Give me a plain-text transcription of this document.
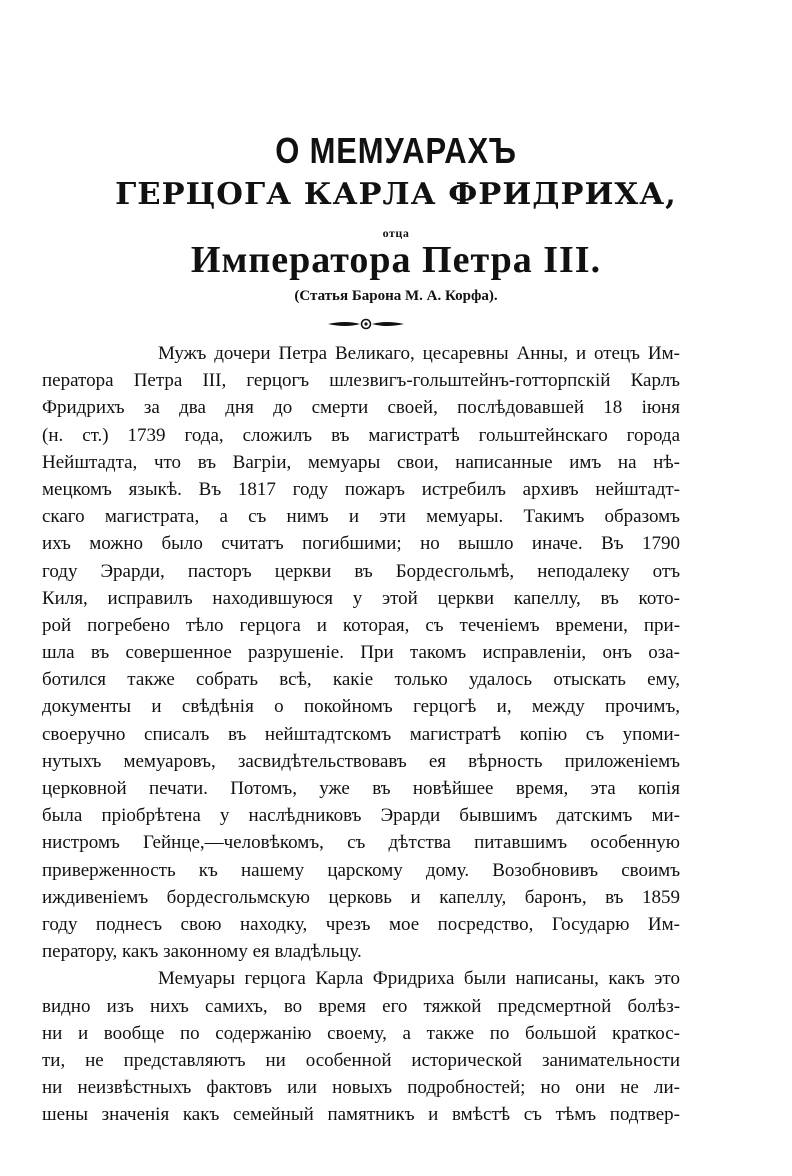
О МЕМУАРАХЪ
ГЕРЦОГА КАРЛА ФРИДРИХА,
отца
Императора Петра III.
(Статья Барона М. А. Корфа).
Мужъ дочери Петра Великаго, цесаревны Анны, и отецъ Им-
ператора Петра III, герцогъ шлезвигъ-гольштейнъ-готторпскій Карлъ
Фридрихъ за два дня до смерти своей, послѣдовавшей 18 іюня
(н. ст.) 1739 года, сложилъ въ магистратѣ гольштейнскаго города
Нейштадта, что въ Вагріи, мемуары свои, написанные имъ на нѣ-
мецкомъ языкѣ. Въ 1817 году пожаръ истребилъ архивъ нейштадт-
скаго магистрата, а съ нимъ и эти мемуары. Такимъ образомъ
ихъ можно было считатъ погибшими; но вышло иначе. Въ 1790
году Эрарди, пасторъ церкви въ Бордесгольмѣ, неподалеку отъ
Киля, исправилъ находившуюся у этой церкви капеллу, въ кото-
рой погребено тѣло герцога и которая, съ теченіемъ времени, при-
шла въ совершенное разрушеніе. При такомъ исправленіи, онъ оза-
ботился также собрать всѣ, какіе только удалось отыскать ему,
документы и свѣдѣнія о покойномъ герцогѣ и, между прочимъ,
своеручно списалъ въ нейштадтскомъ магистратѣ копію съ упоми-
нутыхъ мемуаровъ, засвидѣтельствовавъ ея вѣрность приложеніемъ
церковной печати. Потомъ, уже въ новѣйшее время, эта копія
была пріобрѣтена у наслѣдниковъ Эрарди бывшимъ датскимъ ми-
нистромъ Гейнце,—человѣкомъ, съ дѣтства питавшимъ особенную
приверженность къ нашему царскому дому. Возобновивъ своимъ
иждивеніемъ бордесгольмскую церковь и капеллу, баронъ, въ 1859
году поднесъ свою находку, чрезъ мое посредство, Государю Им-
ператору, какъ законному ея владѣльцу.
Мемуары герцога Карла Фридриха были написаны, какъ это
видно изъ нихъ самихъ, во время его тяжкой предсмертной болѣз-
ни и вообще по содержанію своему, а также по большой краткос-
ти, не представляютъ ни особенной исторической занимательности
ни неизвѣстныхъ фактовъ или новыхъ подробностей; но они не ли-
шены значенія какъ семейный памятникъ и вмѣстѣ съ тѣмъ подтвер-
